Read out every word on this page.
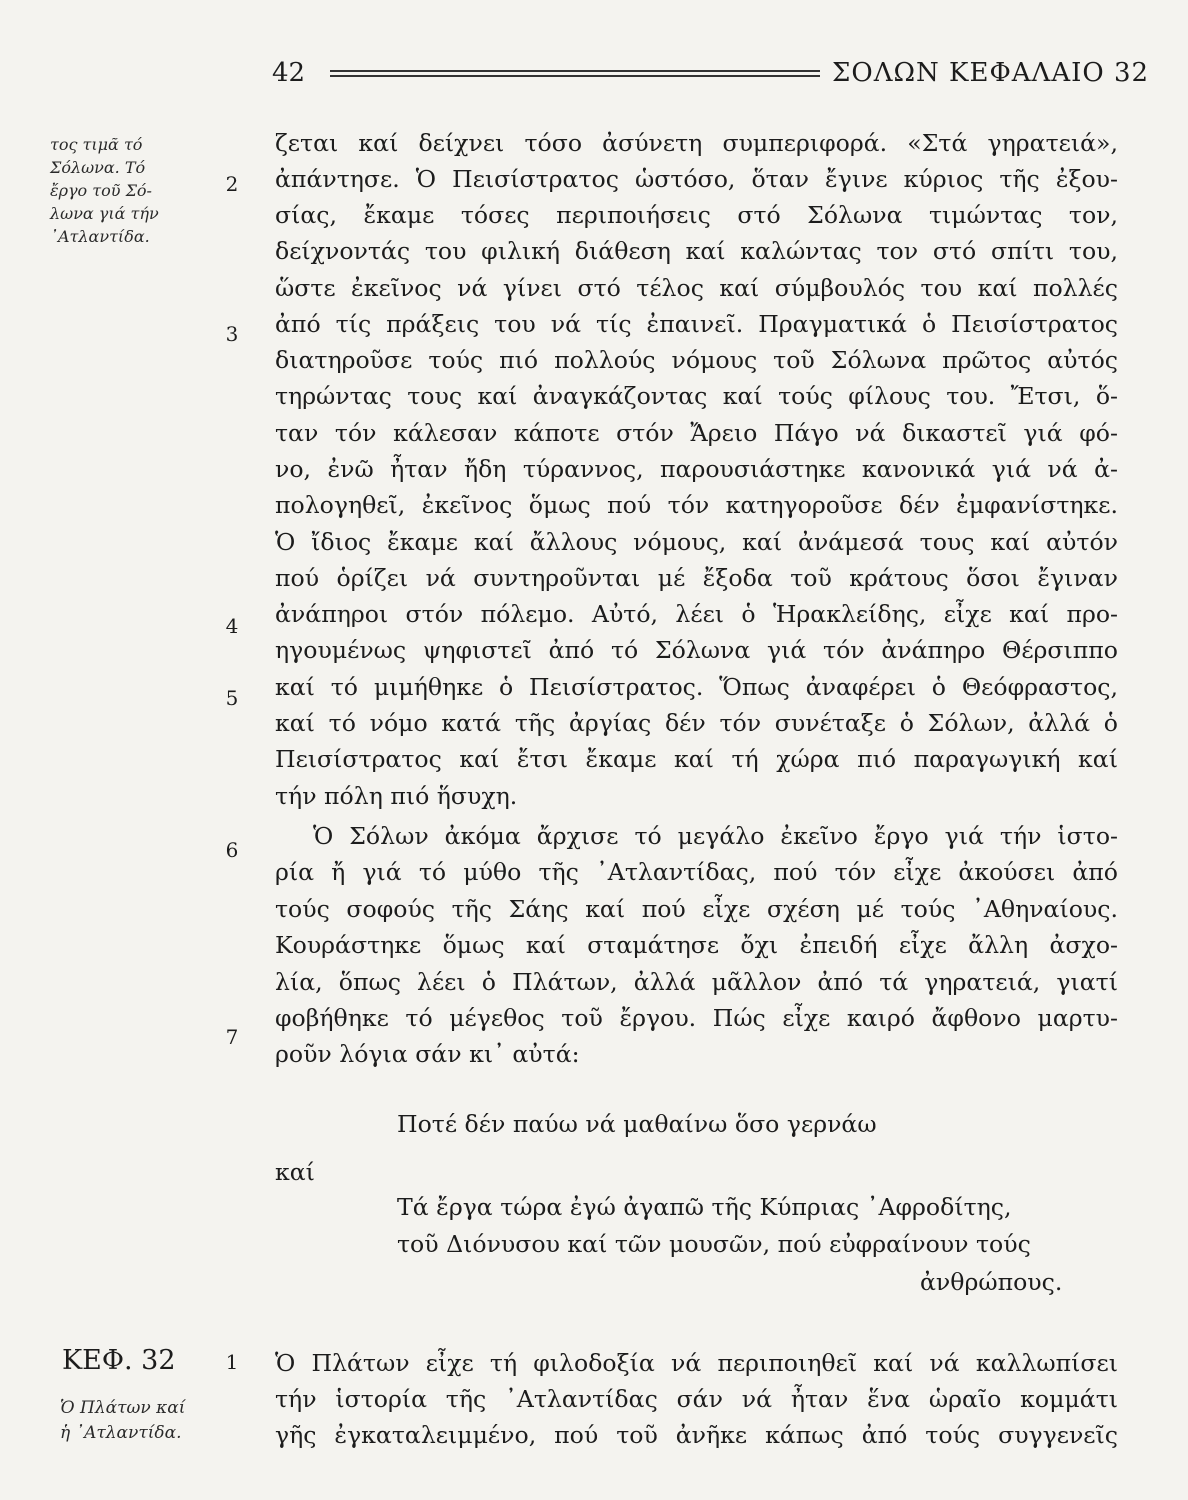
42	ΣΟΛΩΝ ΚΕΦΑΛΑΙΟ 32
τος τιμᾶ τό
Σόλωνα. Τό
ἔργο τοῦ Σό-
λωνα γιά τήν
᾿Ατλαντίδα.
2
3
4
5
6
7
1
ζεται καί δείχνει τόσο ἀσύνετη συμπεριφορά. «Στά γηρατειά»,
ἀπάντησε. Ὁ Πεισίστρατος ὡστόσο, ὅταν ἔγινε κύριος τῆς ἐξου-
σίας, ἔκαμε τόσες περιποιήσεις στό Σόλωνα τιμώντας τον,
δείχνοντάς του φιλική διάθεση καί καλώντας τον στό σπίτι του,
ὥστε ἐκεῖνος νά γίνει στό τέλος καί σύμβουλός του καί πολλές
ἀπό τίς πράξεις του νά τίς ἐπαινεῖ. Πραγματικά ὁ Πεισίστρατος
διατηροῦσε τούς πιό πολλούς νόμους τοῦ Σόλωνα πρῶτος αὐτός
τηρώντας τους καί ἀναγκάζοντας καί τούς φίλους του. Ἔτσι, ὅ-
ταν τόν κάλεσαν κάποτε στόν Ἄρειο Πάγο νά δικαστεῖ γιά φό-
νο, ἐνῶ ἦταν ἤδη τύραννος, παρουσιάστηκε κανονικά γιά νά ἀ-
πολογηθεῖ, ἐκεῖνος ὅμως πού τόν κατηγοροῦσε δέν ἐμφανίστηκε.
Ὁ ἴδιος ἔκαμε καί ἄλλους νόμους, καί ἀνάμεσά τους καί αὐτόν
πού ὁρίζει νά συντηροῦνται μέ ἔξοδα τοῦ κράτους ὅσοι ἔγιναν
ἀνάπηροι στόν πόλεμο. Αὐτό, λέει ὁ Ἡρακλείδης, εἶχε καί προ-
ηγουμένως ψηφιστεῖ ἀπό τό Σόλωνα γιά τόν ἀνάπηρο Θέρσιππο
καί τό μιμήθηκε ὁ Πεισίστρατος. Ὅπως ἀναφέρει ὁ Θεόφραστος,
καί τό νόμο κατά τῆς ἀργίας δέν τόν συνέταξε ὁ Σόλων, ἀλλά ὁ
Πεισίστρατος καί ἔτσι ἔκαμε καί τή χώρα πιό παραγωγική καί
τήν πόλη πιό ἥσυχη.
Ὁ Σόλων ἀκόμα ἄρχισε τό μεγάλο ἐκεῖνο ἔργο γιά τήν ἱστο-
ρία ἤ γιά τό μύθο τῆς ᾿Ατλαντίδας, πού τόν εἶχε ἀκούσει ἀπό
τούς σοφούς τῆς Σάης καί πού εἶχε σχέση μέ τούς ᾿Αθηναίους.
Κουράστηκε ὅμως καί σταμάτησε ὄχι ἐπειδή εἶχε ἄλλη ἀσχο-
λία, ὅπως λέει ὁ Πλάτων, ἀλλά μᾶλλον ἀπό τά γηρατειά, γιατί
φοβήθηκε τό μέγεθος τοῦ ἔργου. Πώς εἶχε καιρό ἄφθονο μαρτυ-
ροῦν λόγια σάν κι᾿ αὐτά:
Ποτέ δέν παύω νά μαθαίνω ὅσο γερνάω
καί
Τά ἔργα τώρα ἐγώ ἀγαπῶ τῆς Κύπριας ᾿Αφροδίτης,
τοῦ Διόνυσου καί τῶν μουσῶν, πού εὐφραίνουν τούς
ἀνθρώπους.
ΚΕΦ. 32
Ὁ Πλάτων καί
ἡ ᾿Ατλαντίδα.
Ὁ Πλάτων εἶχε τή φιλοδοξία νά περιποιηθεῖ καί νά καλλωπίσει
τήν ἱστορία τῆς ᾿Ατλαντίδας σάν νά ἦταν ἕνα ὡραῖο κομμάτι
γῆς ἐγκαταλειμμένο, πού τοῦ ἀνῆκε κάπως ἀπό τούς συγγενεῖς
